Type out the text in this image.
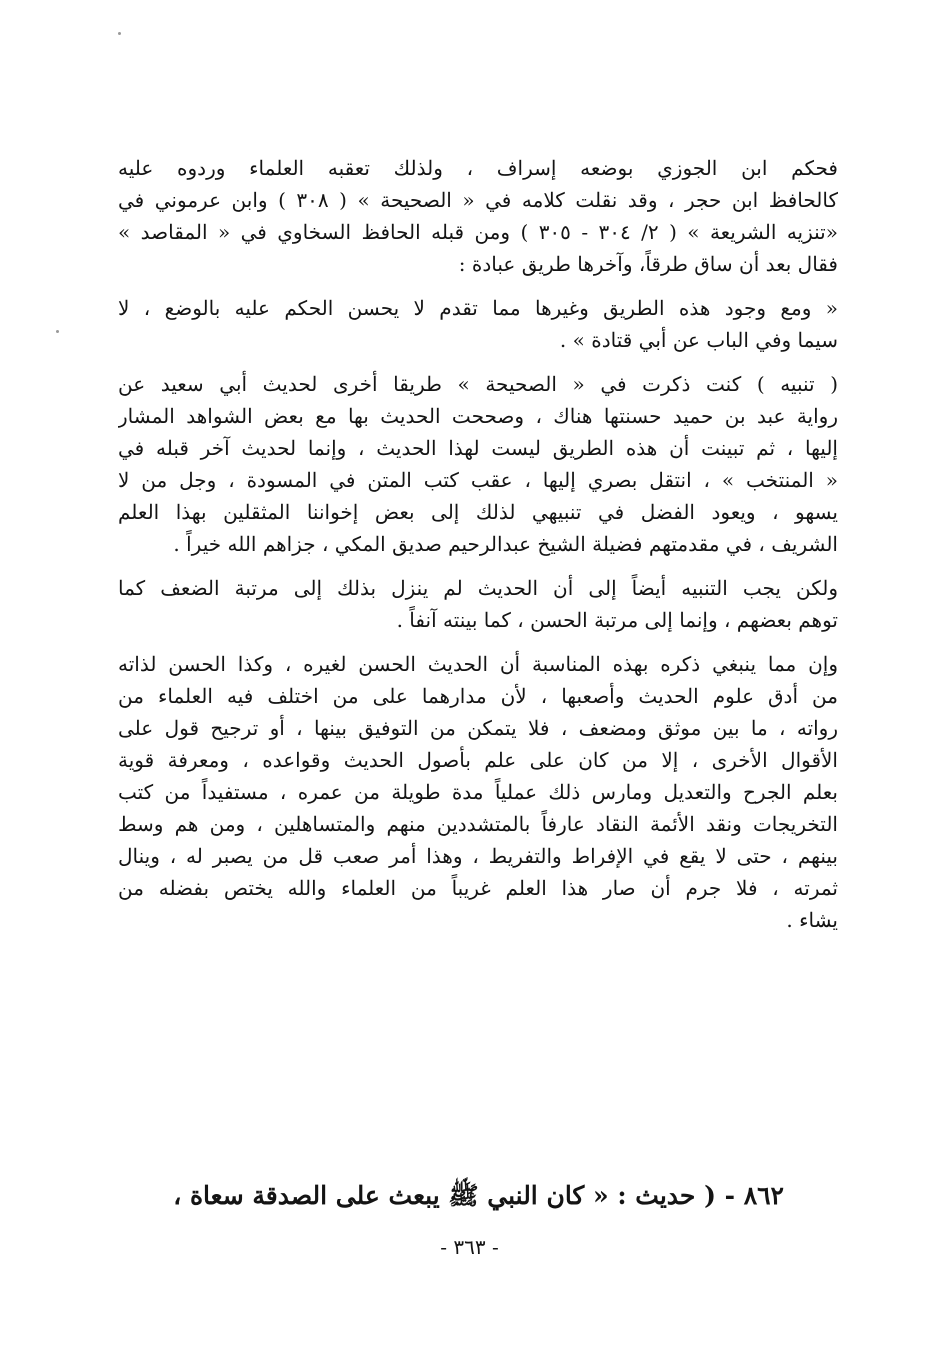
فحكم ابن الجوزي بوضعه إسراف ، ولذلك تعقبه العلماء وردوه عليه
كالحافظ ابن حجر ، وقد نقلت كلامه في « الصحيحة » ( ٣٠٨ ) وابن عرموني في
«تنزيه الشريعة » ( ٢/ ٣٠٤ - ٣٠٥ ) ومن قبله الحافظ السخاوي في « المقاصد »
فقال بعد أن ساق طرقاً، وآخرها طريق عبادة :
« ومع وجود هذه الطريق وغيرها مما تقدم لا يحسن الحكم عليه بالوضع ، لا
سيما وفي الباب عن أبي قتادة » .
( تنبيه ) كنت ذكرت في « الصحيحة » طريقا أخرى لحديث أبي سعيد عن
رواية عبد بن حميد حسنتها هناك ، وصححت الحديث بها مع بعض الشواهد المشار
إليها ، ثم تبينت أن هذه الطريق ليست لهذا الحديث ، وإنما لحديث آخر قبله في
« المنتخب » ، انتقل بصري إليها ، عقب كتب المتن في المسودة ، وجل من لا
يسهو ، ويعود الفضل في تنبيهي لذلك إلى بعض إخواننا المثقلين بهذا العلم
الشريف ، في مقدمتهم فضيلة الشيخ عبدالرحيم صديق المكي ، جزاهم الله خيراً .
ولكن يجب التنبيه أيضاً إلى أن الحديث لم ينزل بذلك إلى مرتبة الضعف كما
توهم بعضهم ، وإنما إلى مرتبة الحسن ، كما بينته آنفاً .
وإن مما ينبغي ذكره بهذه المناسبة أن الحديث الحسن لغيره ، وكذا الحسن لذاته
من أدق علوم الحديث وأصعبها ، لأن مدارهما على من اختلف فيه العلماء من
رواته ، ما بين موثق ومضعف ، فلا يتمكن من التوفيق بينها ، أو ترجيح قول على
الأقوال الأخرى ، إلا من كان على علم بأصول الحديث وقواعده ، ومعرفة قوية
بعلم الجرح والتعديل ومارس ذلك عملياً مدة طويلة من عمره ، مستفيداً من كتب
التخريجات ونقد الأئمة النقاد عارفاً بالمتشددين منهم والمتساهلين ، ومن هم وسط
بينهم ، حتى لا يقع في الإفراط والتفريط ، وهذا أمر صعب قل من يصبر له ، وينال
ثمرته ، فلا جرم أن صار هذا العلم غريباً من العلماء والله يختص بفضله من
يشاء .
٨٦٢ - ( حديث : « كان النبي ﷺ يبعث على الصدقة سعاة ،
- ٣٦٣ -
